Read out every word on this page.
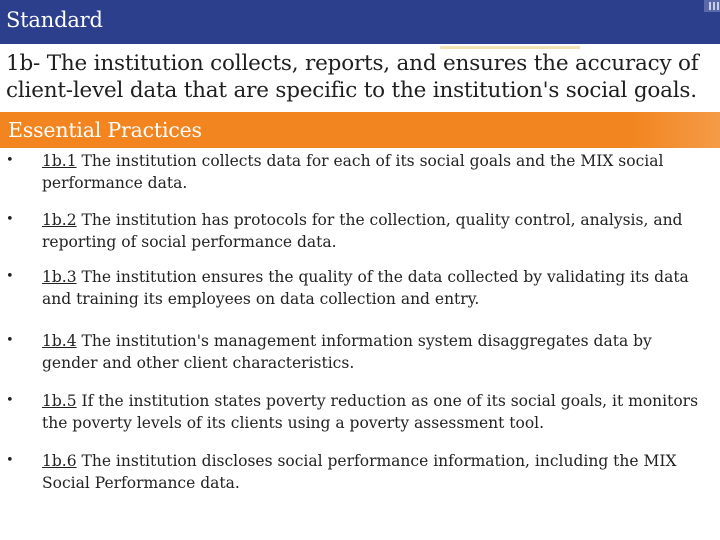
Standard
1b- The institution collects, reports, and ensures the accuracy of client-level data that are specific to the institution's social goals.
Essential Practices
• 1b.1 The institution collects data for each of its social goals and the MIX social performance data.
• 1b.2 The institution has protocols for the collection, quality control, analysis, and reporting of social performance data.
• 1b.3 The institution ensures the quality of the data collected by validating its data and training its employees on data collection and entry.
• 1b.4 The institution's management information system disaggregates data by gender and other client characteristics.
• 1b.5 If the institution states poverty reduction as one of its social goals, it monitors the poverty levels of its clients using a poverty assessment tool.
• 1b.6 The institution discloses social performance information, including the MIX Social Performance data.
